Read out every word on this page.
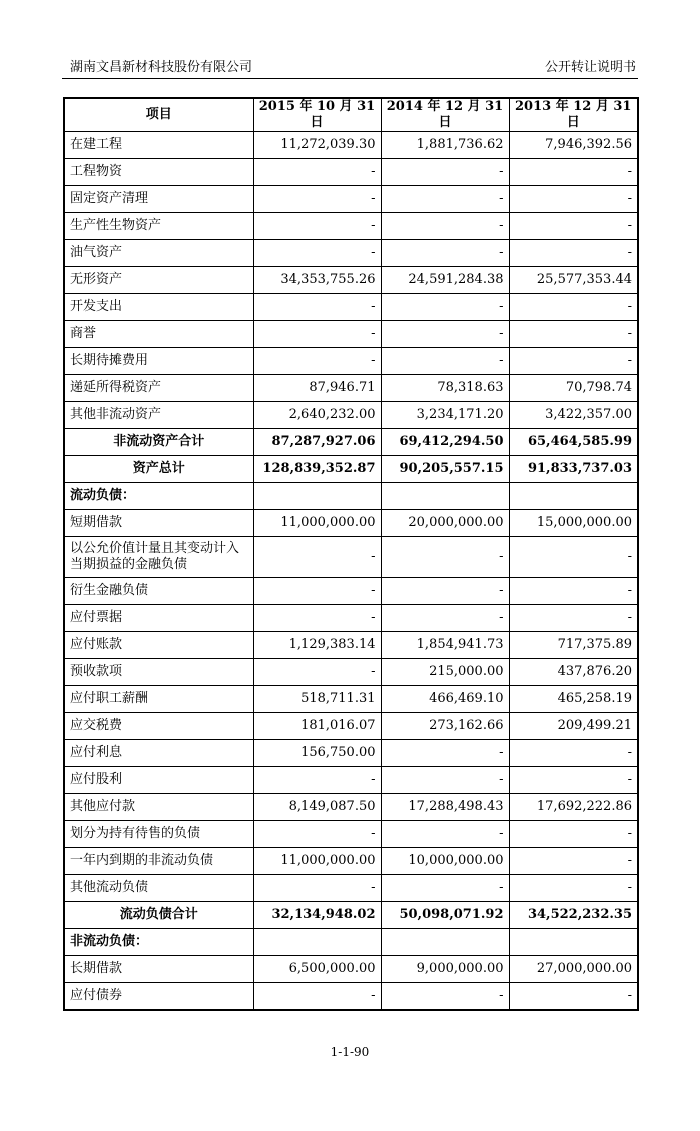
湖南文昌新材科技股份有限公司	公开转让说明书
项目	2015 年 10 月 31 日	2014 年 12 月 31 日	2013 年 12 月 31 日
在建工程	11,272,039.30	1,881,736.62	7,946,392.56
工程物资	-	-	-
固定资产清理	-	-	-
生产性生物资产	-	-	-
油气资产	-	-	-
无形资产	34,353,755.26	24,591,284.38	25,577,353.44
开发支出	-	-	-
商誉	-	-	-
长期待摊费用	-	-	-
递延所得税资产	87,946.71	78,318.63	70,798.74
其他非流动资产	2,640,232.00	3,234,171.20	3,422,357.00
非流动资产合计	87,287,927.06	69,412,294.50	65,464,585.99
资产总计	128,839,352.87	90,205,557.15	91,833,737.03
流动负债：			
短期借款	11,000,000.00	20,000,000.00	15,000,000.00
以公允价值计量且其变动计入当期损益的金融负债	-	-	-
衍生金融负债	-	-	-
应付票据	-	-	-
应付账款	1,129,383.14	1,854,941.73	717,375.89
预收款项	-	215,000.00	437,876.20
应付职工薪酬	518,711.31	466,469.10	465,258.19
应交税费	181,016.07	273,162.66	209,499.21
应付利息	156,750.00	-	-
应付股利	-	-	-
其他应付款	8,149,087.50	17,288,498.43	17,692,222.86
划分为持有待售的负债	-	-	-
一年内到期的非流动负债	11,000,000.00	10,000,000.00	-
其他流动负债	-	-	-
流动负债合计	32,134,948.02	50,098,071.92	34,522,232.35
非流动负债：			
长期借款	6,500,000.00	9,000,000.00	27,000,000.00
应付债券	-	-	-
1-1-90
